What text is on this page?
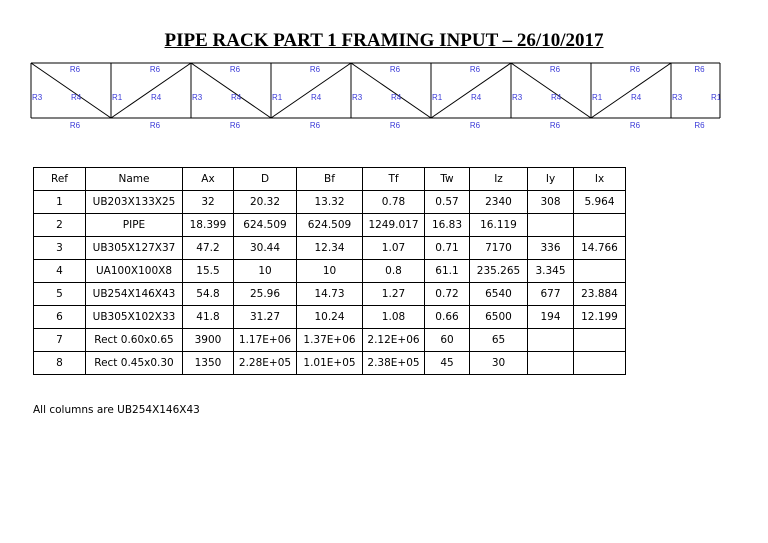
PIPE RACK PART 1 FRAMING INPUT – 26/10/2017
R6
R6
R3	R4
R6
R6
R1	R4
R6
R6
R3	R4
R6
R6
R1	R4
R6
R6
R3	R4
R6
R6
R1	R4
R6
R6
R3	R4
R6
R6
R1	R4
R6
R6
R3	R1
Ref	Name	Ax	D	Bf	Tf	Tw	Iz	Iy	Ix
1	UB203X133X25	32	20.32	13.32	0.78	0.57	2340	308	5.964
2	PIPE	18.399	624.509	624.509	1249.017	16.83	16.119		
3	UB305X127X37	47.2	30.44	12.34	1.07	0.71	7170	336	14.766
4	UA100X100X8	15.5	10	10	0.8	61.1	235.265	3.345	
5	UB254X146X43	54.8	25.96	14.73	1.27	0.72	6540	677	23.884
6	UB305X102X33	41.8	31.27	10.24	1.08	0.66	6500	194	12.199
7	Rect 0.60x0.65	3900	1.17E+06	1.37E+06	2.12E+06	60	65		
8	Rect 0.45x0.30	1350	2.28E+05	1.01E+05	2.38E+05	45	30		
All columns are UB254X146X43
